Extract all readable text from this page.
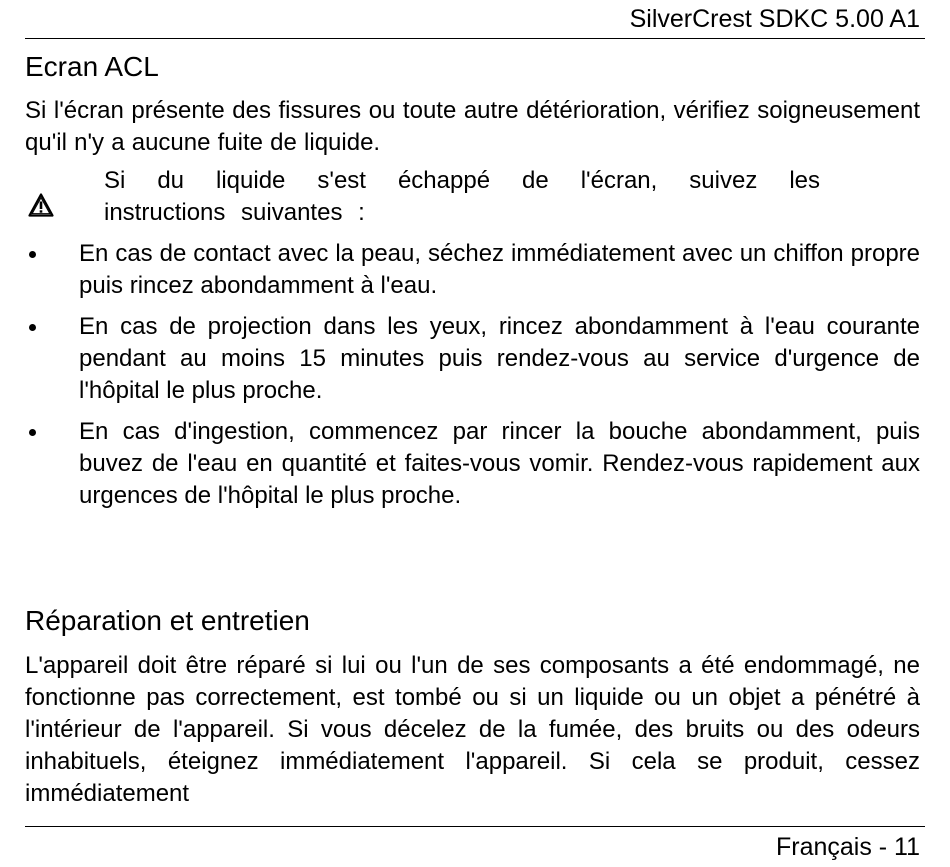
SilverCrest SDKC 5.00 A1
Ecran ACL
Si l'écran présente des fissures ou toute autre détérioration, vérifiez soigneusement qu'il n'y a aucune fuite de liquide.
Si du liquide s'est échappé de l'écran, suivez les instructions suivantes :
En cas de contact avec la peau, séchez immédiatement avec un chiffon propre puis rincez abondamment à l'eau.
En cas de projection dans les yeux, rincez abondamment à l'eau courante pendant au moins 15 minutes puis rendez-vous au service d'urgence de l'hôpital le plus proche.
En cas d'ingestion, commencez par rincer la bouche abondamment, puis buvez de l'eau en quantité et faites-vous vomir. Rendez-vous rapidement aux urgences de l'hôpital le plus proche.
Réparation et entretien
L'appareil doit être réparé si lui ou l'un de ses composants a été endommagé, ne fonctionne pas correctement, est tombé ou si un liquide ou un objet a pénétré à l'intérieur de l'appareil. Si vous décelez de la fumée, des bruits ou des odeurs inhabituels, éteignez immédiatement l'appareil. Si cela se produit, cessez immédiatement
Français - 11
